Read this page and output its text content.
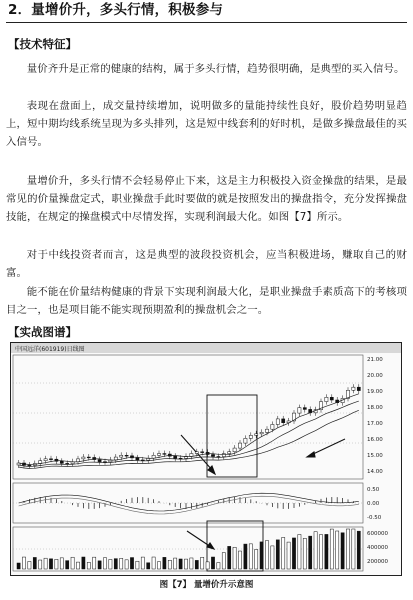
2．量增价升，多头行情，积极参与
【技术特征】
量价齐升是正常的健康的结构，属于多头行情，趋势很明确，是典型的买入信号。
表现在盘面上，成交量持续增加，说明做多的量能持续性良好，股价趋势明显趋上，短中期均线系统呈现为多头排列，这是短中线套利的好时机，是做多操盘最佳的买入信号。
量增价升，多头行情不会轻易停止下来，这是主力积极投入资金操盘的结果，是最常见的价量操盘定式，职业操盘手此时要做的就是按照发出的操盘指令，充分发挥操盘技能，在规定的操盘模式中尽情发挥，实现利润最大化。如图【7】所示。
对于中线投资者而言，这是典型的波段投资机会，应当积极进场，赚取自己的财富。
能不能在价量结构健康的背景下实现利润最大化，是职业操盘手素质高下的考核项目之一，也是项目能不能实现预期盈利的操盘机会之一。
【实战图谱】
中国远洋(601919)日线图
21.00
20.00
19.00
18.00
17.00
16.00
15.00
14.00
0.50
0.00
-0.50
600000
400000
200000
图【7】 量增价升示意图
